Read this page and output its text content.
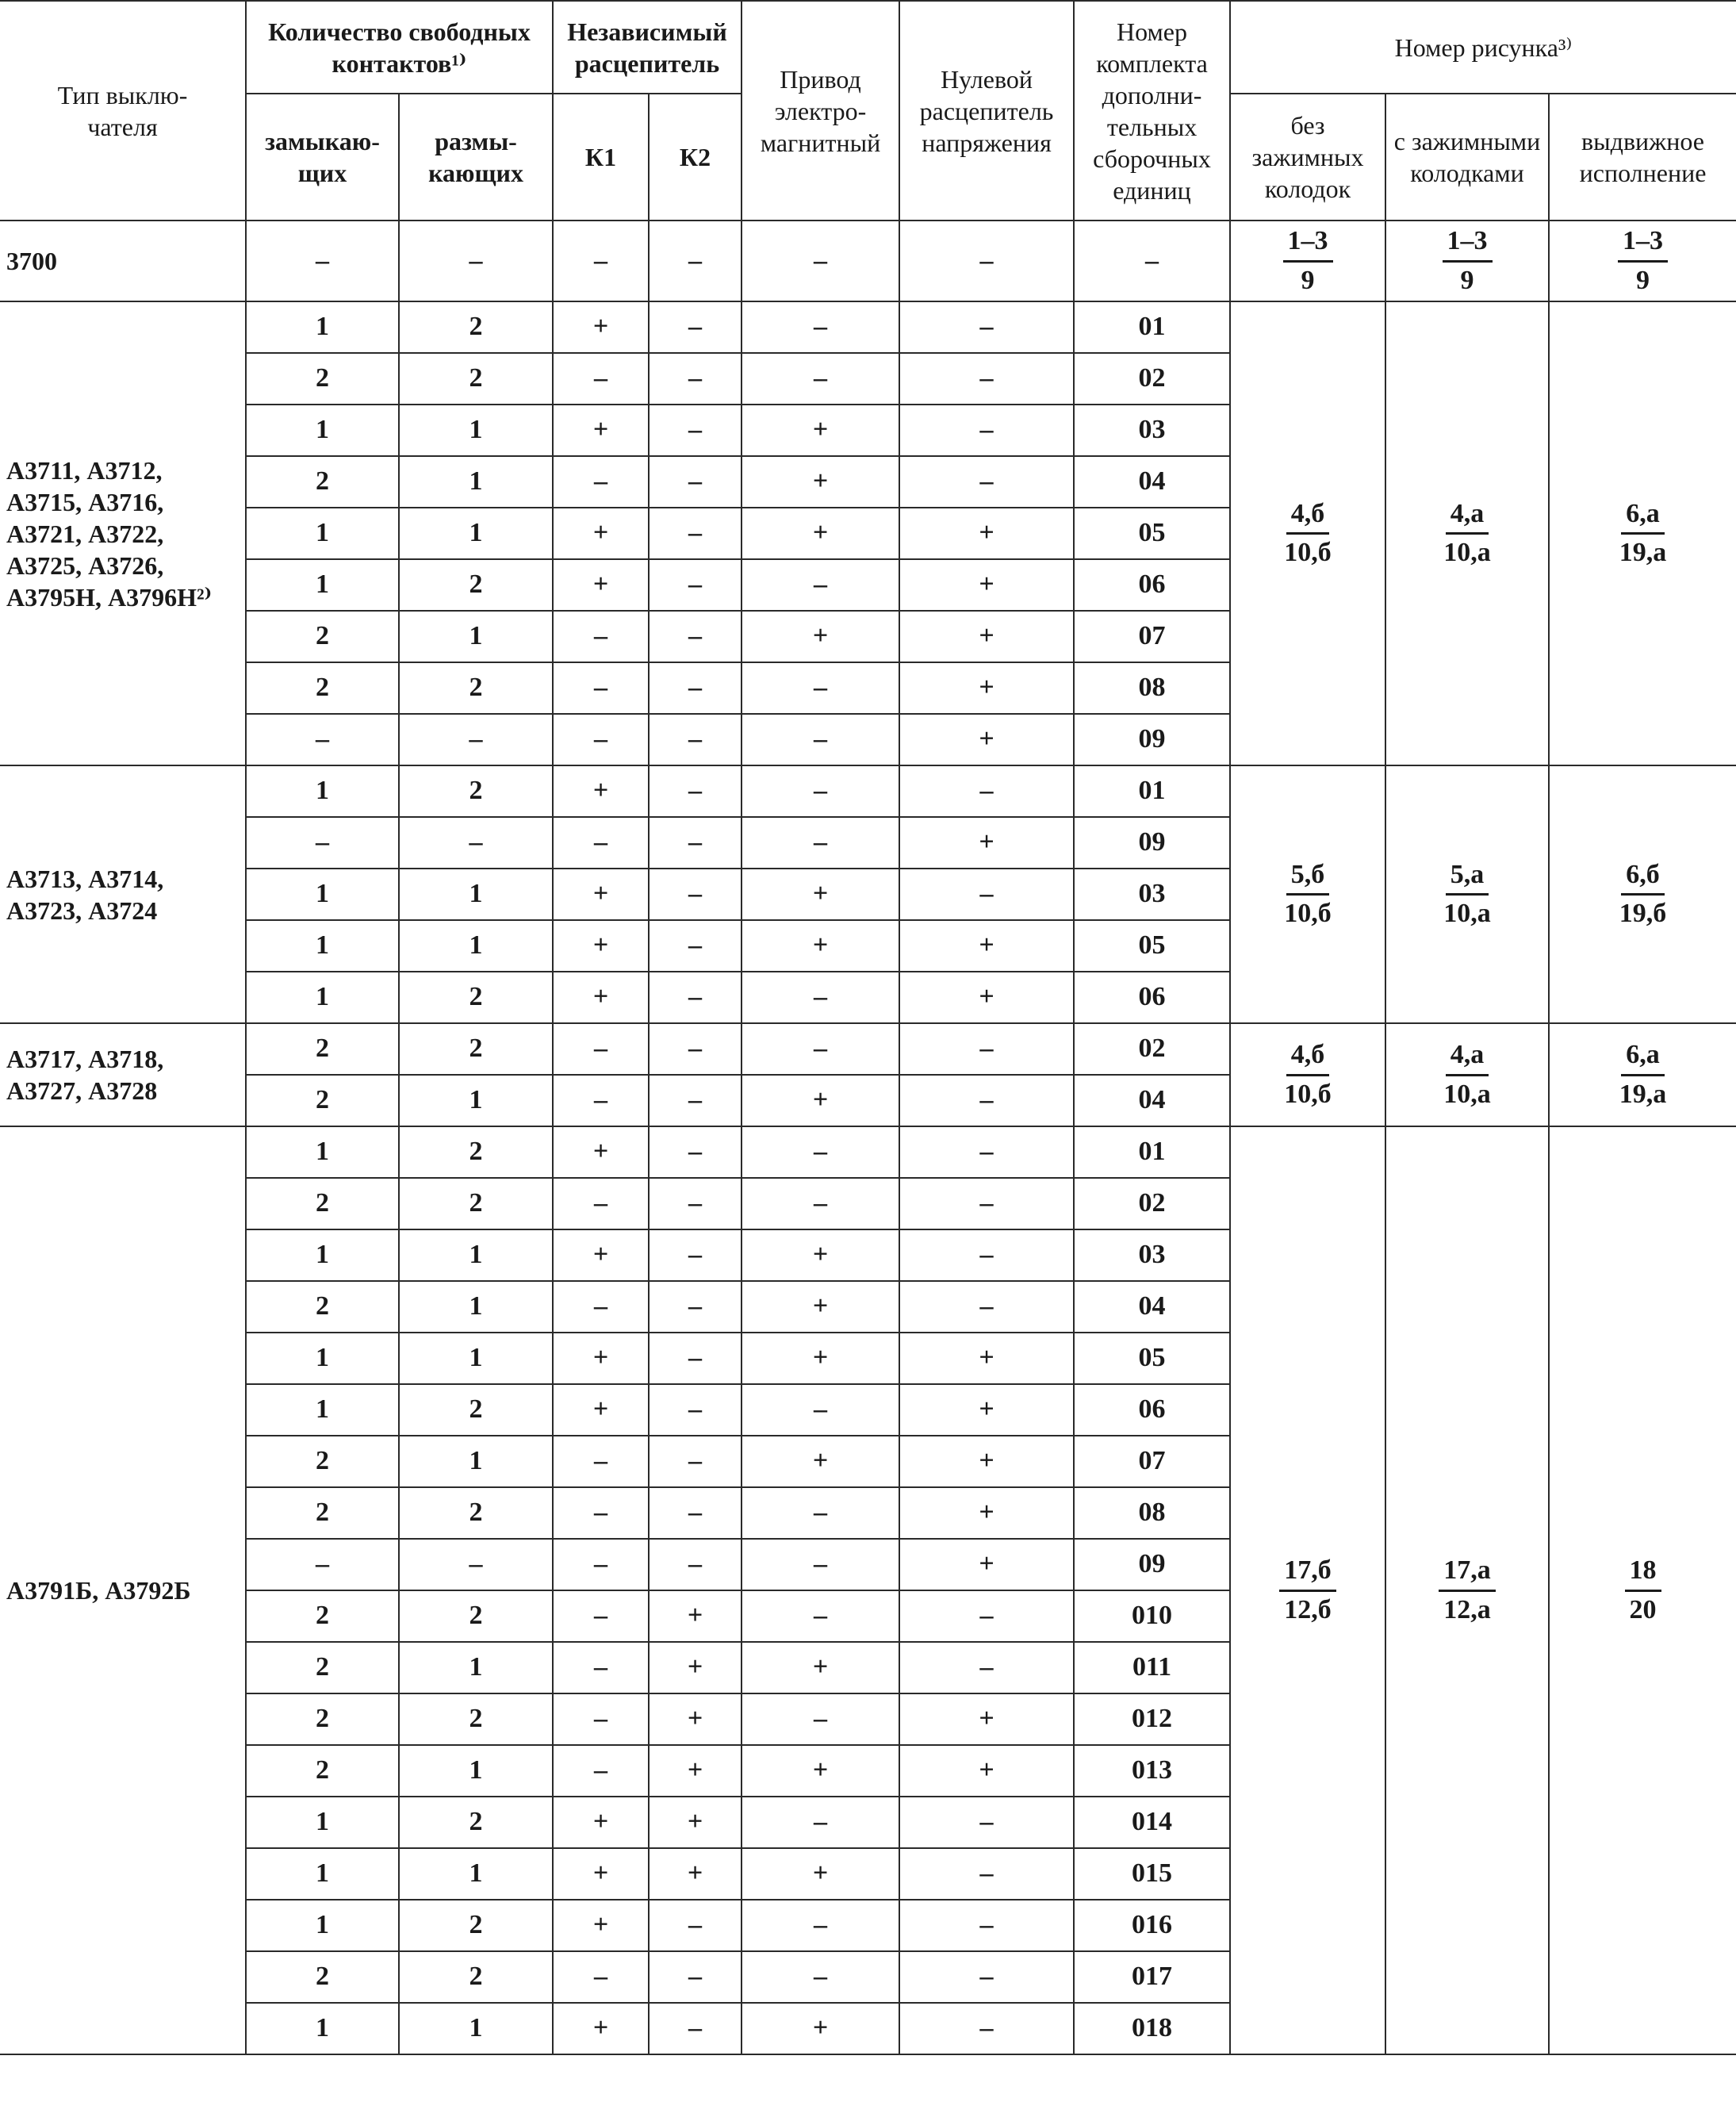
Тип выклю-
чателя	Количество свободных контактов¹⁾		Независимый расцепитель		Привод электро-
магнитный	Нулевой расцепитель напряжения	Номер комплекта дополни-
тельных сборочных единиц	Номер рисунка³⁾		
	замыкаю-
щих	размы-
кающих	К1	К2				без зажимных колодок	с зажимными колодками	выдвижное исполнение
3700	–	–	–	–	–	–	–	$\frac{1-3}{9}$	$\frac{1-3}{9}$	$\frac{1-3}{9}$

А3711, А3712,
А3715, А3716,
А3721, А3722,
А3725, А3726,
А3795Н, А3796Н²⁾	1	2	+	–	–	–	01	$\frac{4,б}{10,б}$	$\frac{4,а}{10,а}$	$\frac{6,а}{19,а}$

	2	2	–	–	–	–	02			
	1	1	+	–	+	–	03			
	2	1	–	–	+	–	04			
	1	1	+	–	+	+	05			
	1	2	+	–	–	+	06			
	2	1	–	–	+	+	07			
	2	2	–	–	–	+	08			
	–	–	–	–	–	+	09			
А3713, А3714,
А3723, А3724	1	2	+	–	–	–	01	$\frac{5,б}{10,б}$	$\frac{5,а}{10,а}$	$\frac{6,б}{19,б}$

	–	–	–	–	–	+	09			
	1	1	+	–	+	–	03			
	1	1	+	–	+	+	05			
	1	2	+	–	–	+	06			
А3717, А3718,
А3727, А3728	2	2	–	–	–	–	02	$\frac{4,б}{10,б}$	$\frac{4,а}{10,а}$	$\frac{6,а}{19,а}$

	2	1	–	–	+	–	04			
А3791Б, А3792Б	1	2	+	–	–	–	01	$\frac{17,б}{12,б}$	$\frac{17,а}{12,а}$	$\frac{18}{20}$

	2	2	–	–	–	–	02			
	1	1	+	–	+	–	03			
	2	1	–	–	+	–	04			
	1	1	+	–	+	+	05			
	1	2	+	–	–	+	06			
	2	1	–	–	+	+	07			
	2	2	–	–	–	+	08			
	–	–	–	–	–	+	09			
	2	2	–	+	–	–	010			
	2	1	–	+	+	–	011			
	2	2	–	+	–	+	012			
	2	1	–	+	+	+	013			
	1	2	+	+	–	–	014			
	1	1	+	+	+	–	015			
	1	2	+	–	–	–	016			
	2	2	–	–	–	–	017			
	1	1	+	–	+	–	018			
